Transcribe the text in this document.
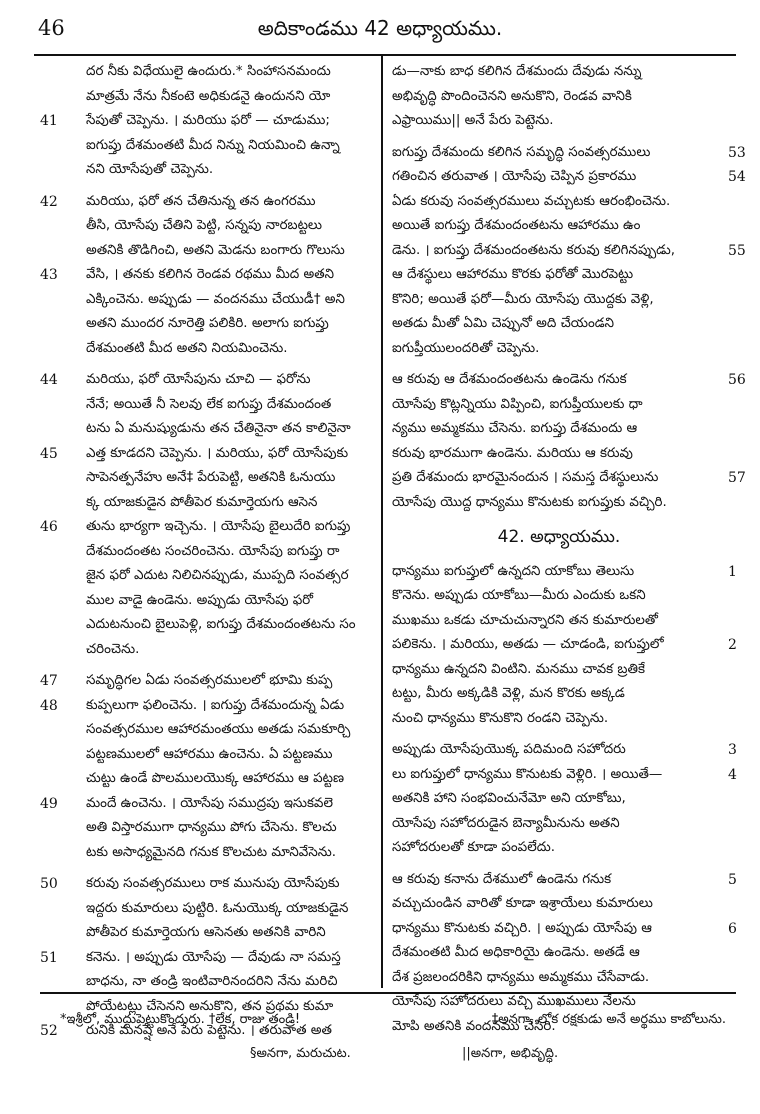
46	అదికాండము 42 అధ్యాయము.
దర నీకు విధేయులై ఉందురు.* సింహాసనమందు
మాత్రమే నేను నీకంటె అధికుడనై ఉందునని యో
41 సేపుతో చెప్పెను. । మరియు ఫరో — చూడుము;
ఐగుప్తు దేశమంతటి మీద నిన్ను నియమించి ఉన్నా
నని యోసేపుతో చెప్పెను.
42 మరియు, ఫరో తన చేతినున్న తన ఉంగరము
తీసి, యోసేపు చేతిని పెట్టి, సన్నపు నారబట్టలు
అతనికి తొడిగించి, అతని మెడను బంగారు గొలుసు
43 వేసి, । తనకు కలిగిన రెండవ రథము మీద అతని
ఎక్కించెను. అప్పుడు — వందనము చేయుడీ† అని
అతని ముందర నూరెత్తి పలికిరి. అలాగు ఐగుప్తు
దేశమంతటి మీద అతని నియమించెను.
44 మరియు, ఫరో యోసేపును చూచి — ఫరోను
నేనే; అయితే నీ సెలవు లేక ఐగుప్తు దేశమందంత
టను ఏ మనుష్యుడును తన చేతినైనా తన కాలినైనా
45 ఎత్త కూడదని చెప్పెను. । మరియు, ఫరో యోసేపుకు
సాపెనత్పనేహు అనే‡ పేరుపెట్టి, అతనికి ఓనుయు
క్క యాజకుడైన పోతీపెర కుమార్తెయగు ఆసెన
46 తును భార్యగా ఇచ్చెను. । యోసేపు బైలుదేరి ఐగుప్తు
దేశమందంతట సంచరించెను. యోసేపు ఐగుప్తు రా
జైన ఫరో ఎదుట నిలిచినప్పుడు, ముప్పది సంవత్సర
ముల వాడై ఉండెను. అప్పుడు యోసేపు ఫరో
ఎదుటనుంచి బైలుపెళ్లి, ఐగుప్తు దేశమందంతటను సం
చరించెను.
47 సమృద్ధిగల ఏడు సంవత్సరములలో భూమి కుప్ప
48 కుప్పలుగా ఫలించెను. । ఐగుప్తు దేశమందున్న ఏడు
సంవత్సరముల ఆహారమంతయు అతడు సమకూర్చి
పట్టణములలో ఆహారము ఉంచెను. ఏ పట్టణము
చుట్టు ఉండే పొలములయొక్క ఆహారము ఆ పట్టణ
49 మందే ఉంచెను. । యోసేపు సముద్రపు ఇసుకవలె
అతి విస్తారముగా ధాన్యము పోగు చేసెను. కొలచు
టకు అసాధ్యమైనది గనుక కొలచుట మానివేసెను.
50 కరువు సంవత్సరములు రాక మునుపు యోసేపుకు
ఇద్దరు కుమారులు పుట్టిరి. ఓనుయొక్క యాజకుడైన
పోతీపెర కుమార్తెయగు ఆసెనతు అతనికి వారిని
51 కనెను. । అప్పుడు యోసేపు — దేవుడు నా సమస్త
బాధను, నా తండ్రి ఇంటివారినందరిని నేను మరిచి
పోయేటట్లు చేసెనని అనుకొని, తన ప్రథమ కుమా
52 రునికి మనష్షే అనే పేరు పెట్టెను. । తరువాత అత
డు—నాకు బాధ కలిగిన దేశమందు దేవుడు నన్ను
అభివృద్ధి పొందించెనని అనుకొని, రెండవ వానికి
ఎఫ్రాయిము|| అనే పేరు పెట్టెను.
53
ఐగుప్తు దేశమందు కలిగిన సమృద్ధి సంవత్సరములు
54
గతించిన తరువాత । యోసేపు చెప్పిన ప్రకారము
ఏడు కరువు సంవత్సరములు వచ్చుటకు ఆరంభించెను.
అయితే ఐగుప్తు దేశమందంతటను ఆహారము ఉం
55
డెను. । ఐగుప్తు దేశమందంతటను కరువు కలిగినప్పుడు,
ఆ దేశస్థులు ఆహారము కొరకు ఫరోతో మొరపెట్టు
కొనిరి; అయితే ఫరో—మీరు యోసేపు యొద్దకు వెళ్లి,
అతడు మీతో ఏమి చెప్పునో అది చేయండని
ఐగుప్తీయులందరితో చెప్పెను.
56
ఆ కరువు ఆ దేశమందంతటను ఉండెను గనుక
యోసేపు కొట్లన్నియు విప్పించి, ఐగుప్తీయులకు ధా
న్యము అమ్మకము చేసెను. ఐగుప్తు దేశమందు ఆ
కరువు భారముగా ఉండెను. మరియు ఆ కరువు
57
ప్రతి దేశమందు భారమైనందున । సమస్త దేశస్థులును
యోసేపు యొద్ద ధాన్యము కొనుటకు ఐగుప్తుకు వచ్చిరి.
42. అధ్యాయము.
1
ధాన్యము ఐగుప్తులో ఉన్నదని యాకోబు తెలుసు
కొనెను. అప్పుడు యాకోబు—మీరు ఎందుకు ఒకని
ముఖము ఒకడు చూచుచున్నారని తన కుమారులతో
2
పలికెను. । మరియు, అతడు — చూడండి, ఐగుప్తులో
ధాన్యము ఉన్నదని వింటిని. మనము చావక బ్రతికే
టట్టు, మీరు అక్కడికి వెళ్లి, మన కొరకు అక్కడ
నుంచి ధాన్యము కొనుకొని రండని చెప్పెను.
3
అప్పుడు యోసేపుయొక్క పదిమంది సహోదరు
4
లు ఐగుప్తులో ధాన్యము కొనుటకు వెళ్లిరి. । అయితే—
అతనికి హాని సంభవించునేమో అని యాకోబు,
యోసేపు సహోదరుడైన బెన్యామీనును అతని
సహోదరులతో కూడా పంపలేదు.
5
ఆ కరువు కనాను దేశములో ఉండెను గనుక
వచ్చుచుండిన వారితో కూడా ఇశ్రాయేలు కుమారులు
6
ధాన్యము కొనుటకు వచ్చిరి. । అప్పుడు యోసేపు ఆ
దేశమంతటి మీద అధికారియై ఉండెను. అతడే ఆ
దేశ ప్రజలందరికిని ధాన్యము అమ్మకము చేసేవాడు.
యోసేపు సహోదరులు వచ్చి ముఖములు నేలను
మోపి అతనికి వందనము చేసిరి.
*ఇశ్రీలో, ముద్దుపెట్టుకొందురు. †లేక, రాజు తండ్రి!	‡అనగా, లోక రక్షకుడు అనే అర్థము కాబోలును.
§అనగా, మరుచుట.	||అనగా, అభివృద్ధి.
